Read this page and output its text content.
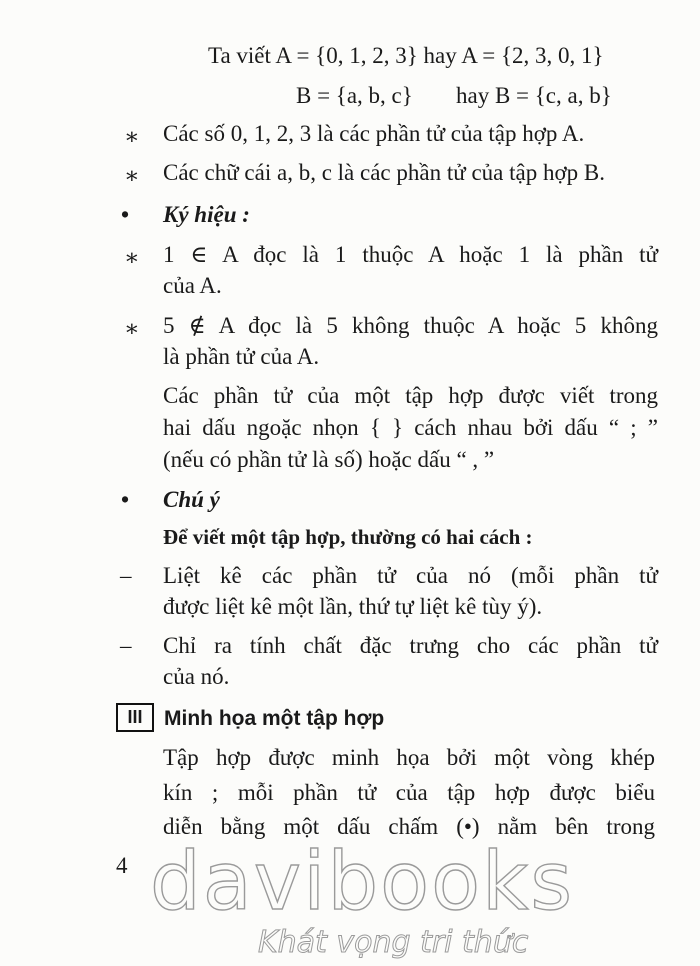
Ta viết A = {0, 1, 2, 3} hay A = {2, 3, 0, 1}
B = {a, b, c} hay B = {c, a, b}
∗ Các số 0, 1, 2, 3 là các phần tử của tập hợp A.
∗ Các chữ cái a, b, c là các phần tử của tập hợp B.
• Ký hiệu :
∗ 1 ∈ A đọc là 1 thuộc A hoặc 1 là phần tử
của A.
∗ 5 ∉ A đọc là 5 không thuộc A hoặc 5 không
là phần tử của A.
Các phần tử của một tập hợp được viết trong
hai dấu ngoặc nhọn { } cách nhau bởi dấu “ ; ”
(nếu có phần tử là số) hoặc dấu “ , ”
• Chú ý
Để viết một tập hợp, thường có hai cách :
– Liệt kê các phần tử của nó (mỗi phần tử
được liệt kê một lần, thứ tự liệt kê tùy ý).
– Chỉ ra tính chất đặc trưng cho các phần tử
của nó.
III Minh họa một tập hợp
Tập hợp được minh họa bởi một vòng khép
kín ; mỗi phần tử của tập hợp được biểu
diễn bằng một dấu chấm (•) nằm bên trong
4 davibooks
Khát vọng tri thức
